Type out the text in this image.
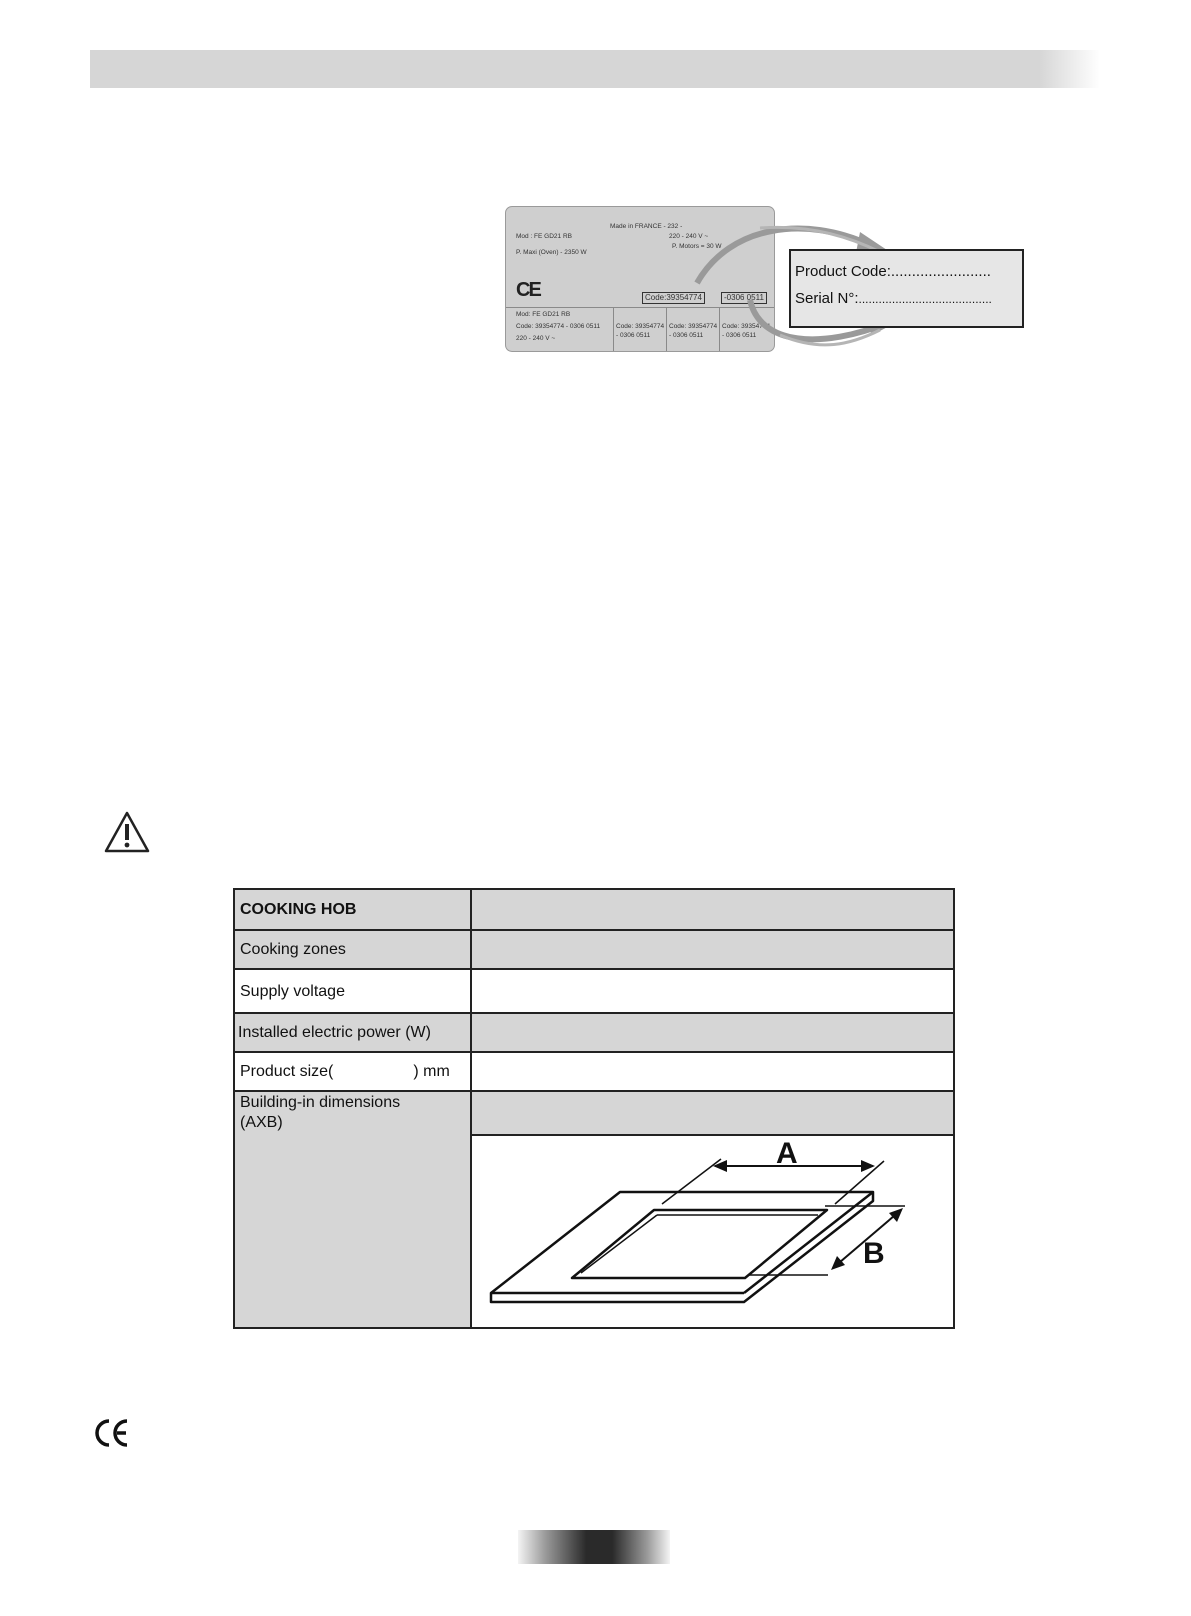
Made in FRANCE - 232 -
Mod : FE GD21 RB	220 - 240 V ~
P. Maxi (Oven) - 2350 W
P. Motors = 30 W
CE	Code:39354774	-0306 0511
Mod: FE GD21 RB
Code: 39354774 - 0306 0511
220 - 240 V ~
Code: 39354774
- 0306 0511
Code: 39354774
- 0306 0511
Code: 39354774
- 0306 0511
Product Code:........................
Serial N°:........................................
COOKING HOB
Cooking zones
Supply voltage
Installed electric power (W)
Product size(	) mm
Building-in dimensions
(AXB)
A
B
